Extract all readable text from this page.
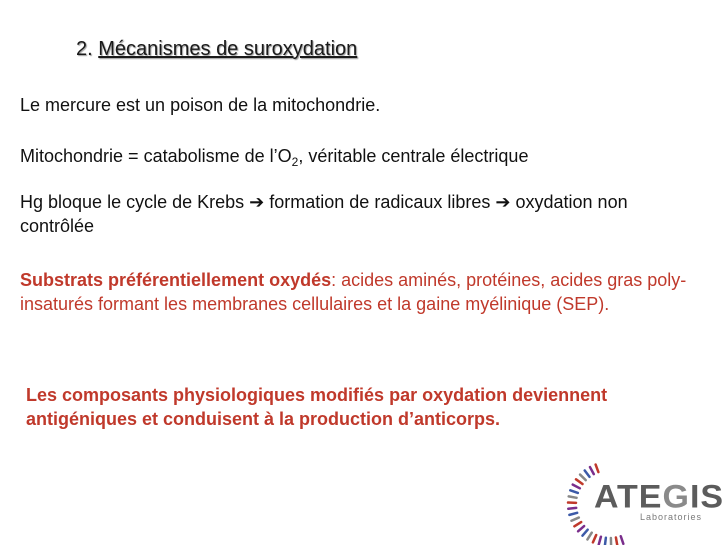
2. Mécanismes de suroxydation
Le mercure est un poison de la mitochondrie.
Mitochondrie = catabolisme de $l’O_2$, véritable centrale électrique
Hg bloque le cycle de Krebs ➔ formation de radicaux libres ➔ oxydation non contrôlée
Substrats préférentiellement oxydés: acides aminés, protéines, acides gras poly-insaturés formant les membranes cellulaires et la gaine myélinique (SEP).
Les composants physiologiques modifiés par oxydation deviennent antigéniques et conduisent à la production d’anticorps.
ATEGIS
Laboratories
